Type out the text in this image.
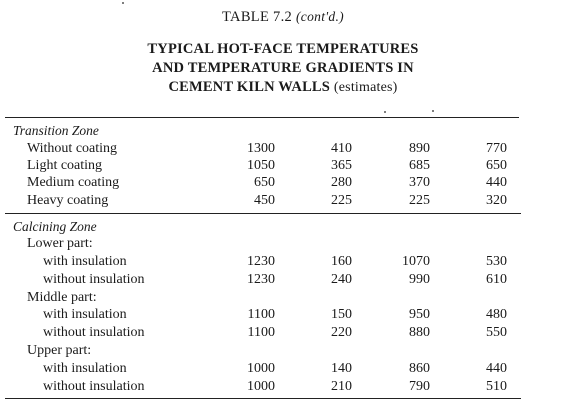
TABLE 7.2 (cont'd.)
TYPICAL HOT-FACE TEMPERATURES
AND TEMPERATURE GRADIENTS IN
CEMENT KILN WALLS (estimates)
Transition Zone
Without coating	1300	410	890	770
Light coating	1050	365	685	650
Medium coating	650	280	370	440
Heavy coating	450	225	225	320
Calcining Zone
Lower part:
with insulation	1230	160	1070	530
without insulation	1230	240	990	610
Middle part:
with insulation	1100	150	950	480
without insulation	1100	220	880	550
Upper part:
with insulation	1000	140	860	440
without insulation	1000	210	790	510
